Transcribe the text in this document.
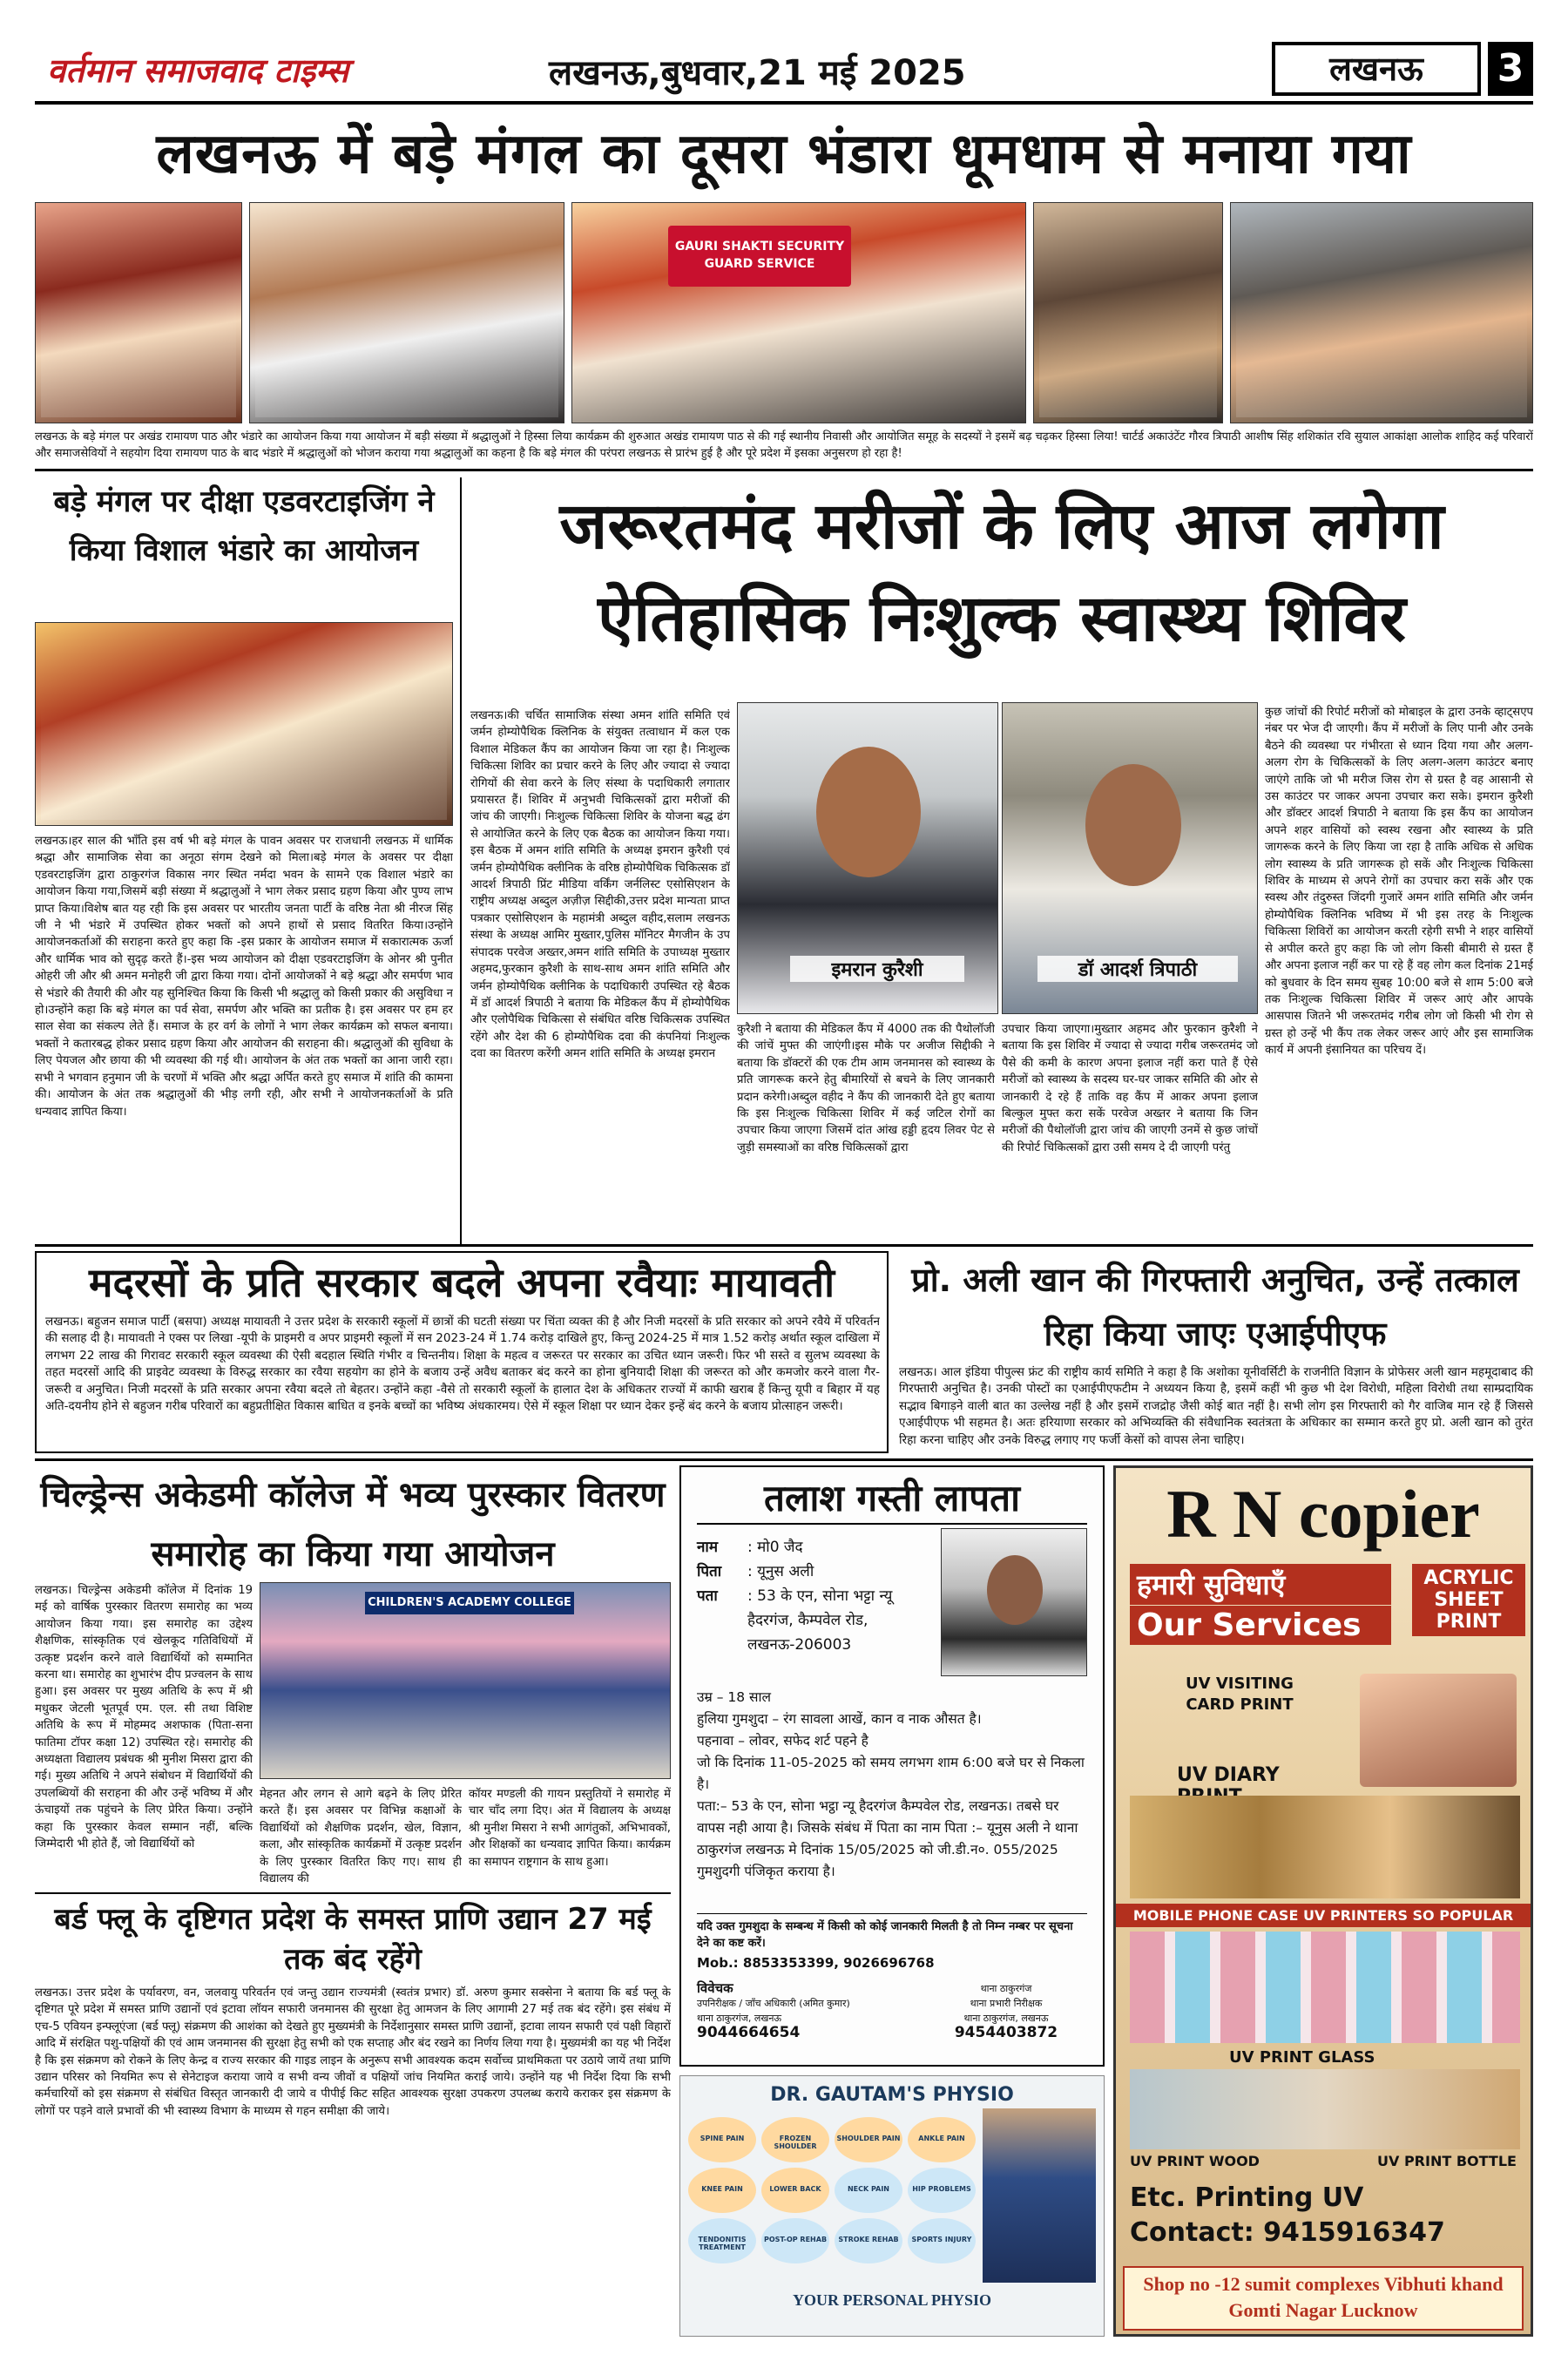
वर्तमान समाजवाद टाइम्स	लखनऊ,बुधवार,21 मई 2025	लखनऊ	3
लखनऊ में बड़े मंगल का दूसरा भंडारा धूमधाम से मनाया गया
GAURI SHAKTI SECURITY GUARD SERVICE
लखनऊ के बड़े मंगल पर अखंड रामायण पाठ और भंडारे का आयोजन किया गया आयोजन में बड़ी संख्या में श्रद्धालुओं ने हिस्सा लिया कार्यक्रम की शुरुआत अखंड रामायण पाठ से की गई स्थानीय निवासी और आयोजित समूह के सदस्यों ने इसमें बढ़ चढ़कर हिस्सा लिया! चार्टर्ड अकाउंटेंट गौरव त्रिपाठी आशीष सिंह शशिकांत रवि सुयाल आकांक्षा आलोक शाहिद कई परिवारों और समाजसेवियों ने सहयोग दिया रामायण पाठ के बाद भंडारे में श्रद्धालुओं को भोजन कराया गया श्रद्धालुओं का कहना है कि बड़े मंगल की परंपरा लखनऊ से प्रारंभ हुई है और पूरे प्रदेश में इसका अनुसरण हो रहा है!
बड़े मंगल पर दीक्षा एडवरटाइजिंग ने किया विशाल भंडारे का आयोजन
लखनऊ।हर साल की भाँति इस वर्ष भी बड़े मंगल के पावन अवसर पर राजधानी लखनऊ में धार्मिक श्रद्धा और सामाजिक सेवा का अनूठा संगम देखने को मिला।बड़े मंगल के अवसर पर दीक्षा एडवरटाइजिंग द्वारा ठाकुरगंज विकास नगर स्थित नर्मदा भवन के सामने एक विशाल भंडारे का आयोजन किया गया,जिसमें बड़ी संख्या में श्रद्धालुओं ने भाग लेकर प्रसाद ग्रहण किया और पुण्य लाभ प्राप्त किया।विशेष बात यह रही कि इस अवसर पर भारतीय जनता पार्टी के वरिष्ठ नेता श्री नीरज सिंह जी ने भी भंडारे में उपस्थित होकर भक्तों को अपने हाथों से प्रसाद वितरित किया।उन्होंने आयोजनकर्ताओं की सराहना करते हुए कहा कि -इस प्रकार के आयोजन समाज में सकारात्मक ऊर्जा और धार्मिक भाव को सुदृढ़ करते हैं।-इस भव्य आयोजन को दीक्षा एडवरटाइजिंग के ओनर श्री पुनीत ओहरी जी और श्री अमन मनोहरी जी द्वारा किया गया। दोनों आयोजकों ने बड़े श्रद्धा और समर्पण भाव से भंडारे की तैयारी की और यह सुनिश्चित किया कि किसी भी श्रद्धालु को किसी प्रकार की असुविधा न हो।उन्होंने कहा कि बड़े मंगल का पर्व सेवा, समर्पण और भक्ति का प्रतीक है। इस अवसर पर हम हर साल सेवा का संकल्प लेते हैं। समाज के हर वर्ग के लोगों ने भाग लेकर कार्यक्रम को सफल बनाया। भक्तों ने कतारबद्ध होकर प्रसाद ग्रहण किया और आयोजन की सराहना की। श्रद्धालुओं की सुविधा के लिए पेयजल और छाया की भी व्यवस्था की गई थी। आयोजन के अंत तक भक्तों का आना जारी रहा। सभी ने भगवान हनुमान जी के चरणों में भक्ति और श्रद्धा अर्पित करते हुए समाज में शांति की कामना की। आयोजन के अंत तक श्रद्धालुओं की भीड़ लगी रही, और सभी ने आयोजनकर्ताओं के प्रति धन्यवाद ज्ञापित किया।
जरूरतमंद मरीजों के लिए आज लगेगा
ऐतिहासिक निःशुल्क स्वास्थ्य शिविर
लखनऊ।की चर्चित सामाजिक संस्था अमन शांति समिति एवं जर्मन होम्योपैथिक क्लिनिक के संयुक्त तत्वाधान में कल एक विशाल मेडिकल कैंप का आयोजन किया जा रहा है। निःशुल्क चिकित्सा शिविर का प्रचार करने के लिए और ज्यादा से ज्यादा रोगियों की सेवा करने के लिए संस्था के पदाधिकारी लगातार प्रयासरत हैं। शिविर में अनुभवी चिकित्सकों द्वारा मरीजों की जांच की जाएगी। निःशुल्क चिकित्सा शिविर के योजना बद्ध ढंग से आयोजित करने के लिए एक बैठक का आयोजन किया गया।इस बैठक में अमन शांति समिति के अध्यक्ष इमरान कुरैशी एवं जर्मन होम्योपैथिक क्लीनिक के वरिष्ठ होम्योपैथिक चिकित्सक डॉ आदर्श त्रिपाठी प्रिंट मीडिया वर्किंग जर्नलिस्ट एसोसिएशन के राष्ट्रीय अध्यक्ष अब्दुल अज़ीज़ सिद्दीकी,उत्तर प्रदेश मान्यता प्राप्त पत्रकार एसोसिएशन के महामंत्री अब्दुल वहीद,सलाम लखनऊ संस्था के अध्यक्ष आमिर मुख्तार,पुलिस मॉनिटर मैगजीन के उप संपादक परवेज अख्तर,अमन शांति समिति के उपाध्यक्ष मुख्तार अहमद,फुरकान कुरैशी के साथ-साथ अमन शांति समिति और जर्मन होम्योपैथिक क्लीनिक के पदाधिकारी उपस्थित रहे बैठक में डॉ आदर्श त्रिपाठी ने बताया कि मेडिकल कैंप में होम्योपैथिक और एलोपैथिक चिकित्सा से संबंधित वरिष्ठ चिकित्सक उपस्थित रहेंगे और देश की 6 होम्योपैथिक दवा की कंपनियां निःशुल्क दवा का वितरण करेंगी अमन शांति समिति के अध्यक्ष इमरान
इमरान कुरैशी	डॉ आदर्श त्रिपाठी
कुरैशी ने बताया की मेडिकल कैंप में 4000 तक की पैथोलॉजी की जांचें मुफ्त की जाएंगी।इस मौके पर अजीज सिद्दीकी ने बताया कि डॉक्टरों की एक टीम आम जनमानस को स्वास्थ्य के प्रति जागरूक करने हेतु बीमारियों से बचने के लिए जानकारी प्रदान करेगी।अब्दुल वहीद ने कैंप की जानकारी देते हुए बताया कि इस निःशुल्क चिकित्सा शिविर में कई जटिल रोगों का उपचार किया जाएगा जिसमें दांत आंख हड्डी हृदय लिवर पेट से जुड़ी समस्याओं का वरिष्ठ चिकित्सकों द्वारा
उपचार किया जाएगा।मुख्तार अहमद और फुरकान कुरैशी ने बताया कि इस शिविर में ज्यादा से ज्यादा गरीब जरूरतमंद जो पैसे की कमी के कारण अपना इलाज नहीं करा पाते हैं ऐसे मरीजों को स्वास्थ्य के सदस्य घर-घर जाकर समिति की ओर से जानकारी दे रहे हैं ताकि वह कैंप में आकर अपना इलाज बिल्कुल मुफ्त करा सकें परवेज अख्तर ने बताया कि जिन मरीजों की पैथोलॉजी द्वारा जांच की जाएगी उनमें से कुछ जांचों की रिपोर्ट चिकित्सकों द्वारा उसी समय दे दी जाएगी परंतु
कुछ जांचों की रिपोर्ट मरीजों को मोबाइल के द्वारा उनके व्हाट्सएप नंबर पर भेज दी जाएगी। कैंप में मरीजों के लिए पानी और उनके बैठने की व्यवस्था पर गंभीरता से ध्यान दिया गया और अलग-अलग रोग के चिकित्सकों के लिए अलग-अलग काउंटर बनाए जाएंगे ताकि जो भी मरीज जिस रोग से ग्रस्त है वह आसानी से उस काउंटर पर जाकर अपना उपचार करा सके। इमरान कुरैशी और डॉक्टर आदर्श त्रिपाठी ने बताया कि इस कैंप का आयोजन अपने शहर वासियों को स्वस्थ रखना और स्वास्थ्य के प्रति जागरूक करने के लिए किया जा रहा है ताकि अधिक से अधिक लोग स्वास्थ्य के प्रति जागरूक हो सकें और निःशुल्क चिकित्सा शिविर के माध्यम से अपने रोगों का उपचार करा सकें और एक स्वस्थ और तंदुरुस्त जिंदगी गुजारें अमन शांति समिति और जर्मन होम्योपैथिक क्लिनिक भविष्य में भी इस तरह के निःशुल्क चिकित्सा शिविरों का आयोजन करती रहेगी सभी ने शहर वासियों से अपील करते हुए कहा कि जो लोग किसी बीमारी से ग्रस्त हैं और अपना इलाज नहीं कर पा रहे हैं वह लोग कल दिनांक 21मई को बुधवार के दिन समय सुबह 10:00 बजे से शाम 5:00 बजे तक निःशुल्क चिकित्सा शिविर में जरूर आएं और आपके आसपास जितने भी जरूरतमंद गरीब लोग जो किसी भी रोग से ग्रस्त हो उन्हें भी कैंप तक लेकर जरूर आएं और इस सामाजिक कार्य में अपनी इंसानियत का परिचय दें।
मदरसों के प्रति सरकार बदले अपना रवैयाः मायावती
लखनऊ। बहुजन समाज पार्टी (बसपा) अध्यक्ष मायावती ने उत्तर प्रदेश के सरकारी स्कूलों में छात्रों की घटती संख्या पर चिंता व्यक्त की है और निजी मदरसों के प्रति सरकार को अपने रवैये में परिवर्तन की सलाह दी है। मायावती ने एक्स पर लिखा -यूपी के प्राइमरी व अपर प्राइमरी स्कूलों में सन 2023-24 में 1.74 करोड़ दाखिले हुए, किन्तु 2024-25 में मात्र 1.52 करोड़ अर्थात स्कूल दाखिला में लगभग 22 लाख की गिरावट सरकारी स्कूल व्यवस्था की ऐसी बदहाल स्थिति गंभीर व चिन्तनीय। शिक्षा के महत्व व जरूरत पर सरकार का उचित ध्यान जरूरी। फिर भी सस्ते व सुलभ व्यवस्था के तहत मदरसों आदि की प्राइवेट व्यवस्था के विरुद्ध सरकार का रवैया सहयोग का होने के बजाय उन्हें अवैध बताकर बंद करने का होना बुनियादी शिक्षा की जरूरत को और कमजोर करने वाला गैर-जरूरी व अनुचित। निजी मदरसों के प्रति सरकार अपना रवैया बदले तो बेहतर। उन्होंने कहा -वैसे तो सरकारी स्कूलों के हालात देश के अधिकतर राज्यों में काफी खराब हैं किन्तु यूपी व बिहार में यह अति-दयनीय होने से बहुजन गरीब परिवारों का बहुप्रतीक्षित विकास बाधित व इनके बच्चों का भविष्य अंधकारमय। ऐसे में स्कूल शिक्षा पर ध्यान देकर इन्हें बंद करने के बजाय प्रोत्साहन जरूरी।
प्रो. अली खान की गिरफ्तारी अनुचित, उन्हें तत्काल रिहा किया जाएः एआईपीएफ
लखनऊ। आल इंडिया पीपुल्स फ्रंट की राष्ट्रीय कार्य समिति ने कहा है कि अशोका यूनीवर्सिटी के राजनीति विज्ञान के प्रोफेसर अली खान महमूदाबाद की गिरफ्तारी अनुचित है। उनकी पोस्टों का एआईपीएफटीम ने अध्ययन किया है, इसमें कहीं भी कुछ भी देश विरोधी, महिला विरोधी तथा साम्प्रदायिक सद्भाव बिगाड़ने वाली बात का उल्लेख नहीं है और इसमें राजद्रोह जैसी कोई बात नहीं है। सभी लोग इस गिरफ्तारी को गैर वाजिब मान रहे हैं जिससे एआईपीएफ भी सहमत है। अतः हरियाणा सरकार को अभिव्यक्ति की संवैधानिक स्वतंत्रता के अधिकार का सम्मान करते हुए प्रो. अली खान को तुरंत रिहा करना चाहिए और उनके विरुद्ध लगाए गए फर्जी केसों को वापस लेना चाहिए।
चिल्ड्रेन्स अकेडमी कॉलेज में भव्य पुरस्कार वितरण समारोह का किया गया आयोजन
लखनऊ। चिल्ड्रेन्स अकेडमी कॉलेज में दिनांक 19 मई को वार्षिक पुरस्कार वितरण समारोह का भव्य आयोजन किया गया। इस समारोह का उद्देश्य शैक्षणिक, सांस्कृतिक एवं खेलकूद गतिविधियों में उत्कृष्ट प्रदर्शन करने वाले विद्यार्थियों को सम्मानित करना था। समारोह का शुभारंभ दीप प्रज्वलन के साथ हुआ। इस अवसर पर मुख्य अतिथि के रूप में श्री मधुकर जेटली भूतपूर्व एम. एल. सी तथा विशिष्ट अतिथि के रूप में मोहम्मद अशफाक (पिता-सना फातिमा टॉपर कक्षा 12) उपस्थित रहे। समारोह की अध्यक्षता विद्यालय प्रबंधक श्री मुनीश मिसरा द्वारा की गई। मुख्य अतिथि ने अपने संबोधन में विद्यार्थियों की उपलब्धियों की सराहना की और उन्हें भविष्य में और ऊंचाइयों तक पहुंचने के लिए प्रेरित किया। उन्होंने कहा कि पुरस्कार केवल सम्मान नहीं, बल्कि जिम्मेदारी भी होते हैं, जो विद्यार्थियों को
CHILDREN'S ACADEMY COLLEGE
मेहनत और लगन से आगे बढ़ने के लिए प्रेरित करते हैं। इस अवसर पर विभिन्न कक्षाओं के विद्यार्थियों को शैक्षणिक प्रदर्शन, खेल, विज्ञान, कला, और सांस्कृतिक कार्यक्रमों में उत्कृष्ट प्रदर्शन के लिए पुरस्कार वितरित किए गए। साथ ही विद्यालय की
कॉयर मण्डली की गायन प्रस्तुतियों ने समारोह में चार चाँद लगा दिए। अंत में विद्यालय के अध्यक्ष श्री मुनीश मिसरा ने सभी आगंतुकों, अभिभावकों, और शिक्षकों का धन्यवाद ज्ञापित किया। कार्यक्रम का समापन राष्ट्रगान के साथ हुआ।
तलाश गस्ती लापता
नाम	: मो0 जैद
पिता	: यूनुस अली
पता	: 53 के एन, सोना भट्टा न्यू हैदरगंज, कैम्पवेल रोड, लखनऊ-206003
उम्र – 18 साल
हुलिया गुमशुदा – रंग सावला आखें, कान व नाक औसत है।
पहनावा – लोवर, सफेद शर्ट पहने है
जो कि दिनांक 11-05-2025 को समय लगभग शाम 6:00 बजे घर से निकला है।
पता:– 53 के एन, सोना भट्ठा न्यू हैदरगंज कैम्पवेल रोड, लखनऊ। तबसे घर वापस नही आया है। जिसके संबंध में पिता का नाम पिता :– यूनुस अली ने थाना ठाकुरगंज लखनऊ मे दिनांक 15/05/2025 को जी.डी.न०. 055/2025 गुमशुदगी पंजिकृत कराया है।
यदि उक्त गुमशुदा के सम्बन्ध में किसी को कोई जानकारी मिलती है तो निम्न नम्बर पर सूचना देने का कष्ट करें।
Mob.: 8853353399, 9026696768
विवेचक
उपनिरीक्षक / जाँच अधिकारी (अमित कुमार)
थाना ठाकुरगंज, लखनऊ
9044664654
थाना ठाकुरगंज
थाना प्रभारी निरीक्षक
थाना ठाकुरगंज, लखनऊ
9454403872
R N copier
हमारी सुविधाएँ
Our Services
ACRYLIC SHEET PRINT
UV VISITING CARD PRINT
UV DIARY
MOBILE PHONE CASE UV PRINTERS SO POPULAR
UV PRINT GLASS
UV PRINT WOOD	UV PRINT BOTTLE
Etc. Printing UV
Contact: 9415916347
Shop no -12 sumit complexes Vibhuti khand Gomti Nagar Lucknow
बर्ड फ्लू के दृष्टिगत प्रदेश के समस्त प्राणि उद्यान 27 मई तक बंद रहेंगे
लखनऊ। उत्तर प्रदेश के पर्यावरण, वन, जलवायु परिवर्तन एवं जन्तु उद्यान राज्यमंत्री (स्वतंत्र प्रभार) डॉ. अरुण कुमार सक्सेना ने बताया कि बर्ड फ्लू के दृष्टिगत पूरे प्रदेश में समस्त प्राणि उद्यानों एवं इटावा लॉयन सफारी जनमानस की सुरक्षा हेतु आमजन के लिए आगामी 27 मई तक बंद रहेंगे। इस संबंध में एच-5 एवियन इन्फ्लूएंजा (बर्ड फ्लू) संक्रमण की आशंका को देखते हुए मुख्यमंत्री के निर्देशानुसार समस्त प्राणि उद्यानों, इटावा लायन सफारी एवं पक्षी विहारों आदि में संरक्षित पशु-पक्षियों की एवं आम जनमानस की सुरक्षा हेतु सभी को एक सप्ताह और बंद रखने का निर्णय लिया गया है। मुख्यमंत्री का यह भी निर्देश है कि इस संक्रमण को रोकने के लिए केन्द्र व राज्य सरकार की गाइड लाइन के अनुरूप सभी आवश्यक कदम सर्वोच्च प्राथमिकता पर उठाये जायें तथा प्राणि उद्यान परिसर को नियमित रूप से सेनेटाइज कराया जाये व सभी वन्य जीवों व पक्षियों जांच नियमित कराई जाये। उन्होंने यह भी निर्देश दिया कि सभी कर्मचारियों को इस संक्रमण से संबंधित विस्तृत जानकारी दी जाये व पीपीई किट सहित आवश्यक सुरक्षा उपकरण उपलब्ध कराये कराकर इस संक्रमण के लोगों पर पड़ने वाले प्रभावों की भी स्वास्थ्य विभाग के माध्यम से गहन समीक्षा की जाये।
DR. GAUTAM'S PHYSIO
SPINE PAIN	FROZEN SHOULDER
SHOULDER PAIN	ANKLE PAIN
KNEE PAIN	LOWER BACK	NECK PAIN	HIP PROBLEMS
TENDONITIS TREATMENT
POST-OP REHAB	STROKE REHAB	SPORTS INJURY
YOUR PERSONAL PHYSIO
